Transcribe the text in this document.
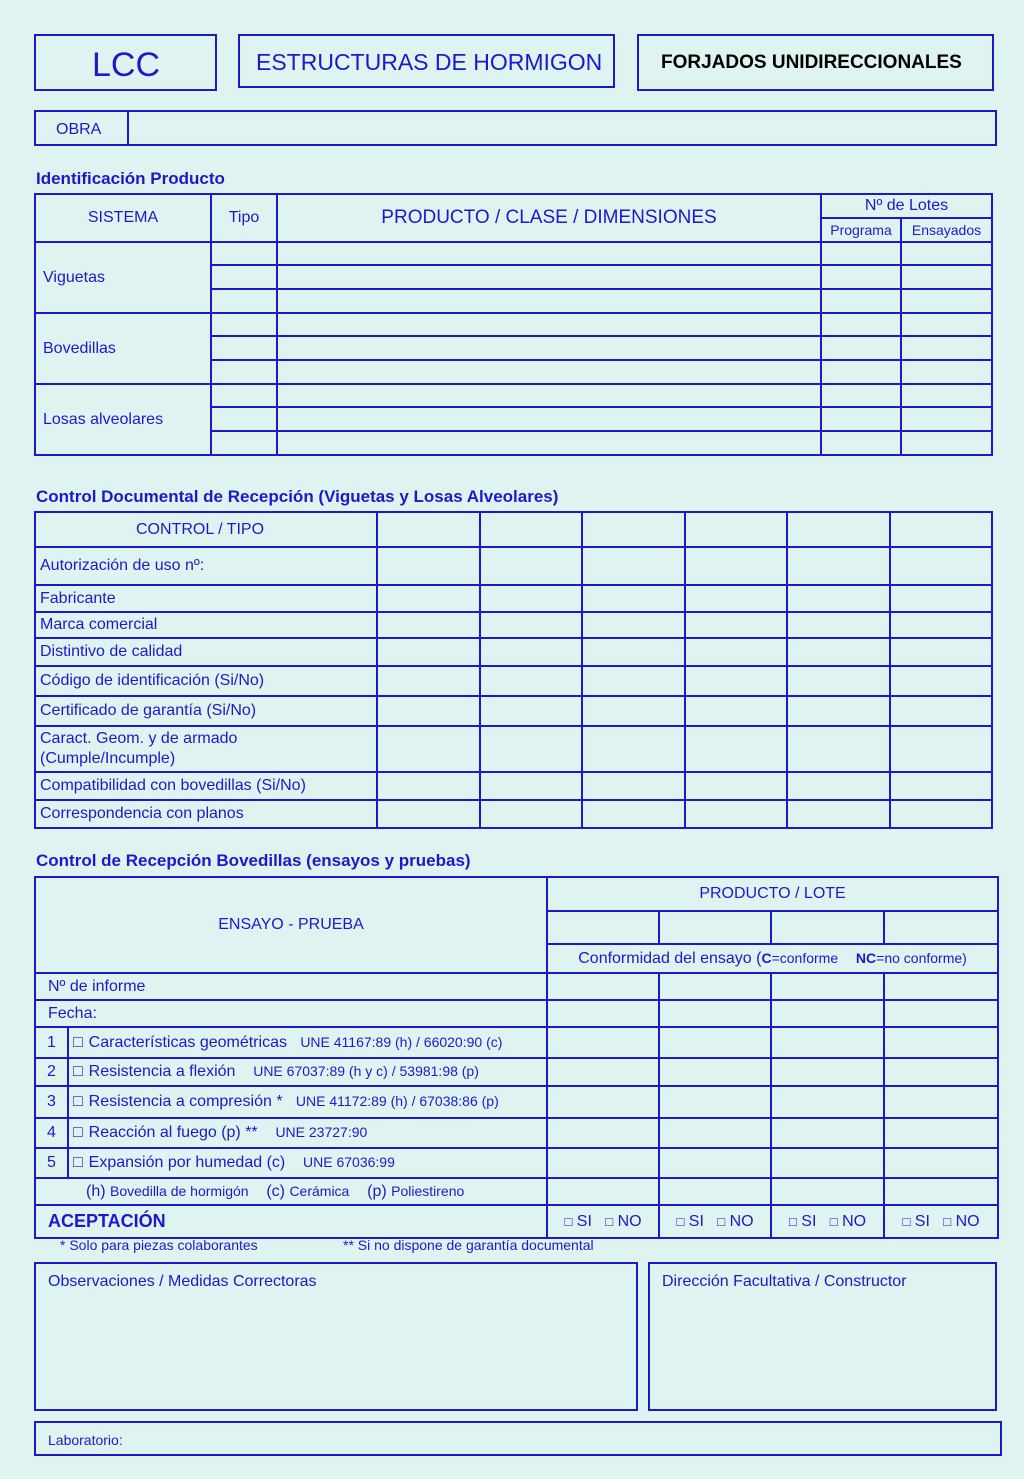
LCC	ESTRUCTURAS DE HORMIGON	FORJADOS UNIDIRECCIONALES
OBRA
Identificación Producto
SISTEMA	Tipo	PRODUCTO / CLASE / DIMENSIONES	Nº de Lotes	
			Programa	Ensayados
Viguetas				

Bovedillas				

Losas alveolares				

Control Documental de Recepción (Viguetas y Losas Alveolares)
CONTROL / TIPO						
Autorización de uso nº:						
Fabricante						
Marca comercial						
Distintivo de calidad						
Código de identificación (Si/No)						
Certificado de garantía (Si/No)						

Caract. Geom. y de armado
(Cumple/Incumple)						

Compatibilidad con bovedillas (Si/No)						
Correspondencia con planos						
Control de Recepción Bovedillas (ensayos y pruebas)
ENSAYO - PRUEBA		PRODUCTO / LOTE			

		Conformidad del ensayo (C=conforme NC=no conforme)			
Nº de informe					
Fecha:					
1	□Características geométricas UNE 41167:89 (h) / 66020:90 (c)				
2	□Resistencia a flexión UNE 67037:89 (h y c) / 53981:98 (p)				
3	□Resistencia a compresión * UNE 41172:89 (h) / 67038:86 (p)				
4	□Reacción al fuego (p) ** UNE 23727:90				
5	□Expansión por humedad (c) UNE 67036:99				
(h) Bovedilla de hormigón (c) Cerámica (p) Poliestireno					
ACEPTACIÓN		□ SI □ NO	□ SI □ NO	□ SI □ NO	□ SI □ NO
* Solo para piezas colaborantes	** Si no dispone de garantía documental
Observaciones / Medidas Correctoras	Dirección Facultativa / Constructor
Laboratorio:
